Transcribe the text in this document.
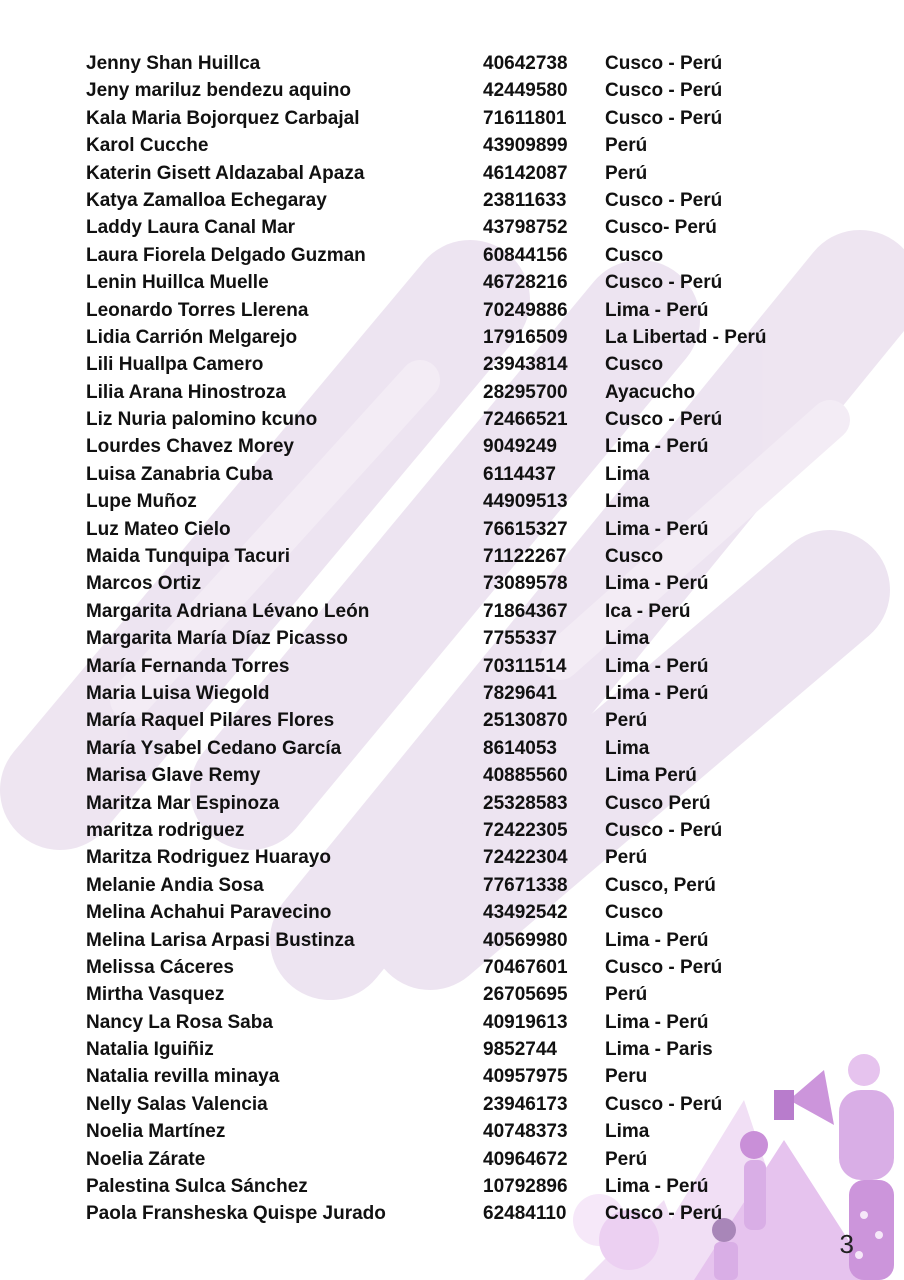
Jenny Shan Huillca	40642738 Cusco - Perú
Jeny mariluz bendezu aquino	42449580 Cusco - Perú
Kala Maria Bojorquez Carbajal	71611801 Cusco - Perú
Karol Cucche	43909899 Perú
Katerin Gisett Aldazabal Apaza	46142087 Perú
Katya Zamalloa Echegaray	23811633 Cusco - Perú
Laddy Laura Canal Mar	43798752 Cusco- Perú
Laura Fiorela Delgado Guzman	60844156 Cusco
Lenin Huillca Muelle	46728216 Cusco - Perú
Leonardo Torres Llerena	70249886 Lima - Perú
Lidia Carrión Melgarejo	17916509 La Libertad - Perú
Lili Huallpa Camero	23943814 Cusco
Lilia Arana Hinostroza	28295700 Ayacucho
Liz Nuria palomino kcuno	72466521 Cusco - Perú
Lourdes Chavez Morey	9049249	Lima - Perú
Luisa Zanabria Cuba	6114437	Lima
Lupe Muñoz	44909513 Lima
Luz Mateo Cielo	76615327 Lima - Perú
Maida Tunquipa Tacuri	71122267 Cusco
Marcos Ortiz	73089578 Lima - Perú
Margarita Adriana Lévano León	71864367 Ica - Perú
Margarita María Díaz Picasso	7755337	Lima
María Fernanda Torres	70311514 Lima - Perú
Maria Luisa Wiegold	7829641	Lima - Perú
María Raquel Pilares Flores	25130870 Perú
María Ysabel Cedano García	8614053	Lima
Marisa Glave Remy	40885560 Lima Perú
Maritza Mar Espinoza	25328583 Cusco Perú
maritza rodriguez	72422305 Cusco - Perú
Maritza Rodriguez Huarayo	72422304 Perú
Melanie Andia Sosa	77671338 Cusco, Perú
Melina Achahui Paravecino	43492542 Cusco
Melina Larisa Arpasi Bustinza	40569980 Lima - Perú
Melissa Cáceres	70467601 Cusco - Perú
Mirtha Vasquez	26705695 Perú
Nancy La Rosa Saba	40919613 Lima - Perú
Natalia Iguiñiz	9852744	Lima - Paris
Natalia revilla minaya	40957975 Peru
Nelly Salas Valencia	23946173 Cusco - Perú
Noelia Martínez	40748373 Lima
Noelia Zárate	40964672 Perú
Palestina Sulca Sánchez	10792896 Lima - Perú
Paola Fransheska Quispe Jurado	62484110 Cusco - Perú
3
